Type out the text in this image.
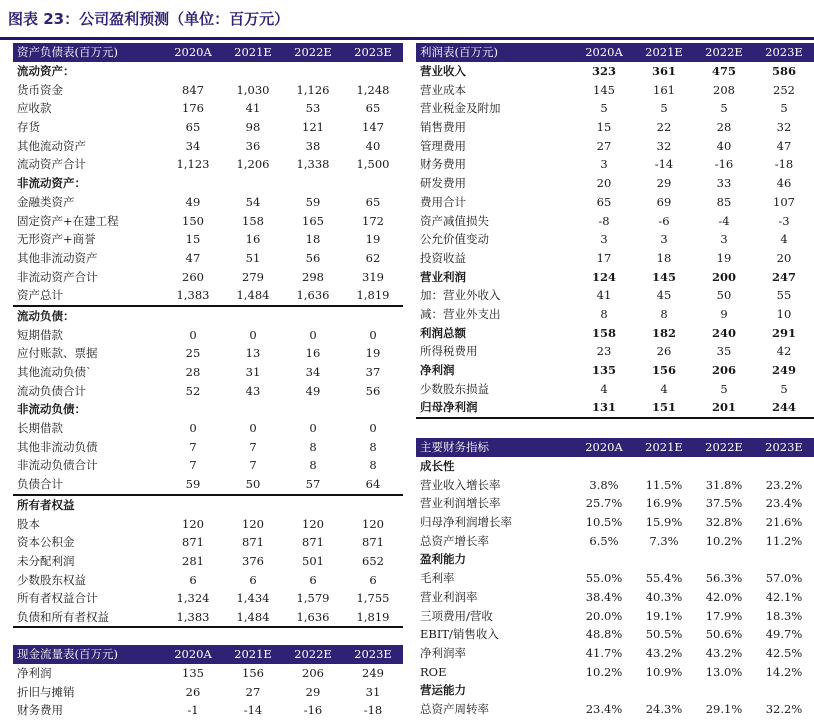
图表 23：公司盈利预测（单位：百万元）
资产负债表(百万元)	2020A	2021E	2022E	2023E
流动资产：				
货币资金	847	1,030	1,126	1,248
应收款	176	41	53	65
存货	65	98	121	147
其他流动资产	34	36	38	40
流动资产合计	1,123	1,206	1,338	1,500
非流动资产：				
金融类资产	49	54	59	65
固定资产+在建工程	150	158	165	172
无形资产+商誉	15	16	18	19
其他非流动资产	47	51	56	62
非流动资产合计	260	279	298	319
资产总计	1,383	1,484	1,636	1,819
流动负债：				
短期借款	0	0	0	0
应付账款、票据	25	13	16	19
其他流动负债`	28	31	34	37
流动负债合计	52	43	49	56
非流动负债：				
长期借款	0	0	0	0
其他非流动负债	7	7	8	8
非流动负债合计	7	7	8	8
负债合计	59	50	57	64
所有者权益				
股本	120	120	120	120
资本公积金	871	871	871	871
未分配利润	281	376	501	652
少数股东权益	6	6	6	6
所有者权益合计	1,324	1,434	1,579	1,755
负债和所有者权益	1,383	1,484	1,636	1,819
利润表(百万元)	2020A	2021E	2022E	2023E
营业收入	323	361	475	586
营业成本	145	161	208	252
营业税金及附加	5	5	5	5
销售费用	15	22	28	32
管理费用	27	32	40	47
财务费用	3	-14	-16	-18
研发费用	20	29	33	46
费用合计	65	69	85	107
资产减值损失	-8	-6	-4	-3
公允价值变动	3	3	3	4
投资收益	17	18	19	20
营业利润	124	145	200	247
加：营业外收入	41	45	50	55
减：营业外支出	8	8	9	10
利润总额	158	182	240	291
所得税费用	23	26	35	42
净利润	135	156	206	249
少数股东损益	4	4	5	5
归母净利润	131	151	201	244
主要财务指标	2020A	2021E	2022E	2023E
成长性				
营业收入增长率	3.8%	11.5%	31.8%	23.2%
营业利润增长率	25.7%	16.9%	37.5%	23.4%
归母净利润增长率	10.5%	15.9%	32.8%	21.6%
总资产增长率	6.5%	7.3%	10.2%	11.2%
盈利能力				
毛利率	55.0%	55.4%	56.3%	57.0%
营业利润率	38.4%	40.3%	42.0%	42.1%
三项费用/营收	20.0%	19.1%	17.9%	18.3%
EBIT/销售收入	48.8%	50.5%	50.6%	49.7%
净利润率	41.7%	43.2%	43.2%	42.5%
ROE	10.2%	10.9%	13.0%	14.2%
营运能力				
总资产周转率	23.4%	24.3%	29.1%	32.2%
现金流量表(百万元)	2020A	2021E	2022E	2023E
净利润	135	156	206	249
折旧与摊销	26	27	29	31
财务费用	-1	-14	-16	-18
